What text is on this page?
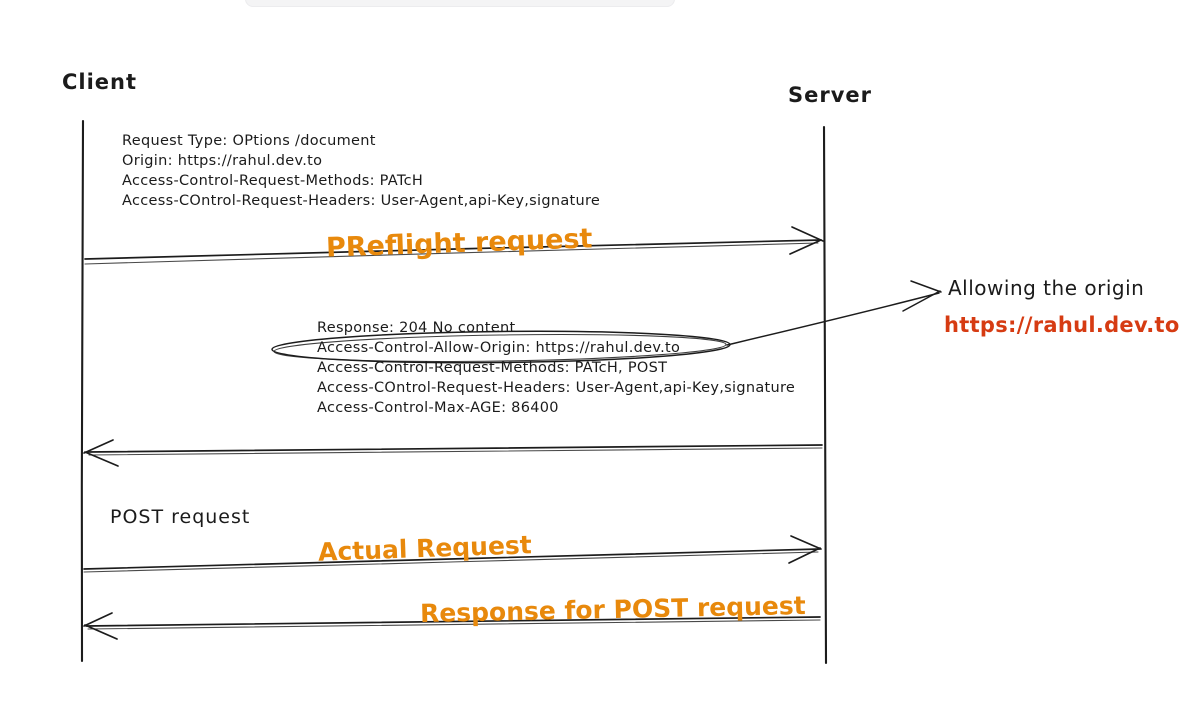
Client
Server
Request Type: OPtions /document
Origin: https://rahul.dev.to
Access-Control-Request-Methods: PATcH
Access-COntrol-Request-Headers: User-Agent,api-Key,signature
PReflight request
Response: 204 No content
Access-Control-Allow-Origin: https://rahul.dev.to
Access-Control-Request-Methods: PATcH, POST
Access-COntrol-Request-Headers: User-Agent,api-Key,signature
Access-Control-Max-AGE: 86400
Allowing the origin
https://rahul.dev.to
POST request
Actual Request
Response for POST request
